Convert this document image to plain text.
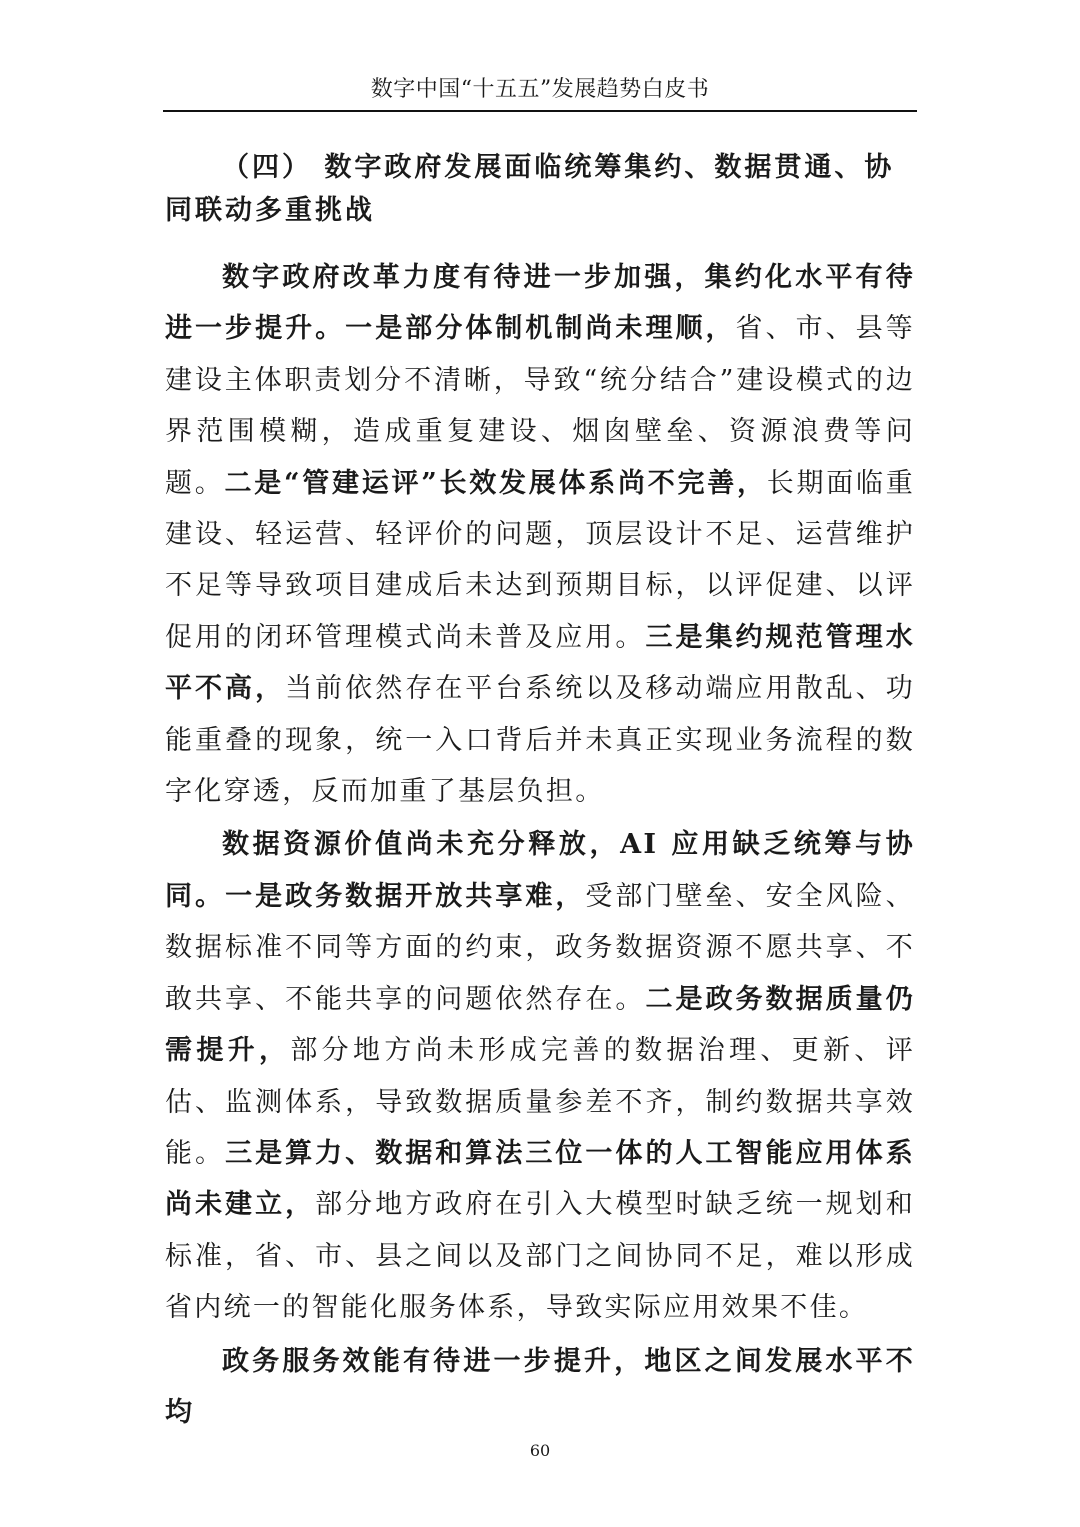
数字中国“十五五”发展趋势白皮书

（四） 数字政府发展面临统筹集约、数据贯通、协同联动多重挑战

数字政府改革力度有待进一步加强，集约化水平有待进一步提升。一是部分体制机制尚未理顺，省、市、县等建设主体职责划分不清晰，导致“统分结合”建设模式的边界范围模糊，造成重复建设、烟囱壁垒、资源浪费等问题。二是“管建运评”长效发展体系尚不完善，长期面临重建设、轻运营、轻评价的问题，顶层设计不足、运营维护不足等导致项目建成后未达到预期目标，以评促建、以评促用的闭环管理模式尚未普及应用。三是集约规范管理水平不高，当前依然存在平台系统以及移动端应用散乱、功能重叠的现象，统一入口背后并未真正实现业务流程的数字化穿透，反而加重了基层负担。

数据资源价值尚未充分释放，AI 应用缺乏统筹与协同。一是政务数据开放共享难，受部门壁垒、安全风险、数据标准不同等方面的约束，政务数据资源不愿共享、不敢共享、不能共享的问题依然存在。二是政务数据质量仍需提升，部分地方尚未形成完善的数据治理、更新、评估、监测体系，导致数据质量参差不齐，制约数据共享效能。三是算力、数据和算法三位一体的人工智能应用体系尚未建立，部分地方政府在引入大模型时缺乏统一规划和标准，省、市、县之间以及部门之间协同不足，难以形成省内统一的智能化服务体系，导致实际应用效果不佳。

政务服务效能有待进一步提升，地区之间发展水平不均

60
